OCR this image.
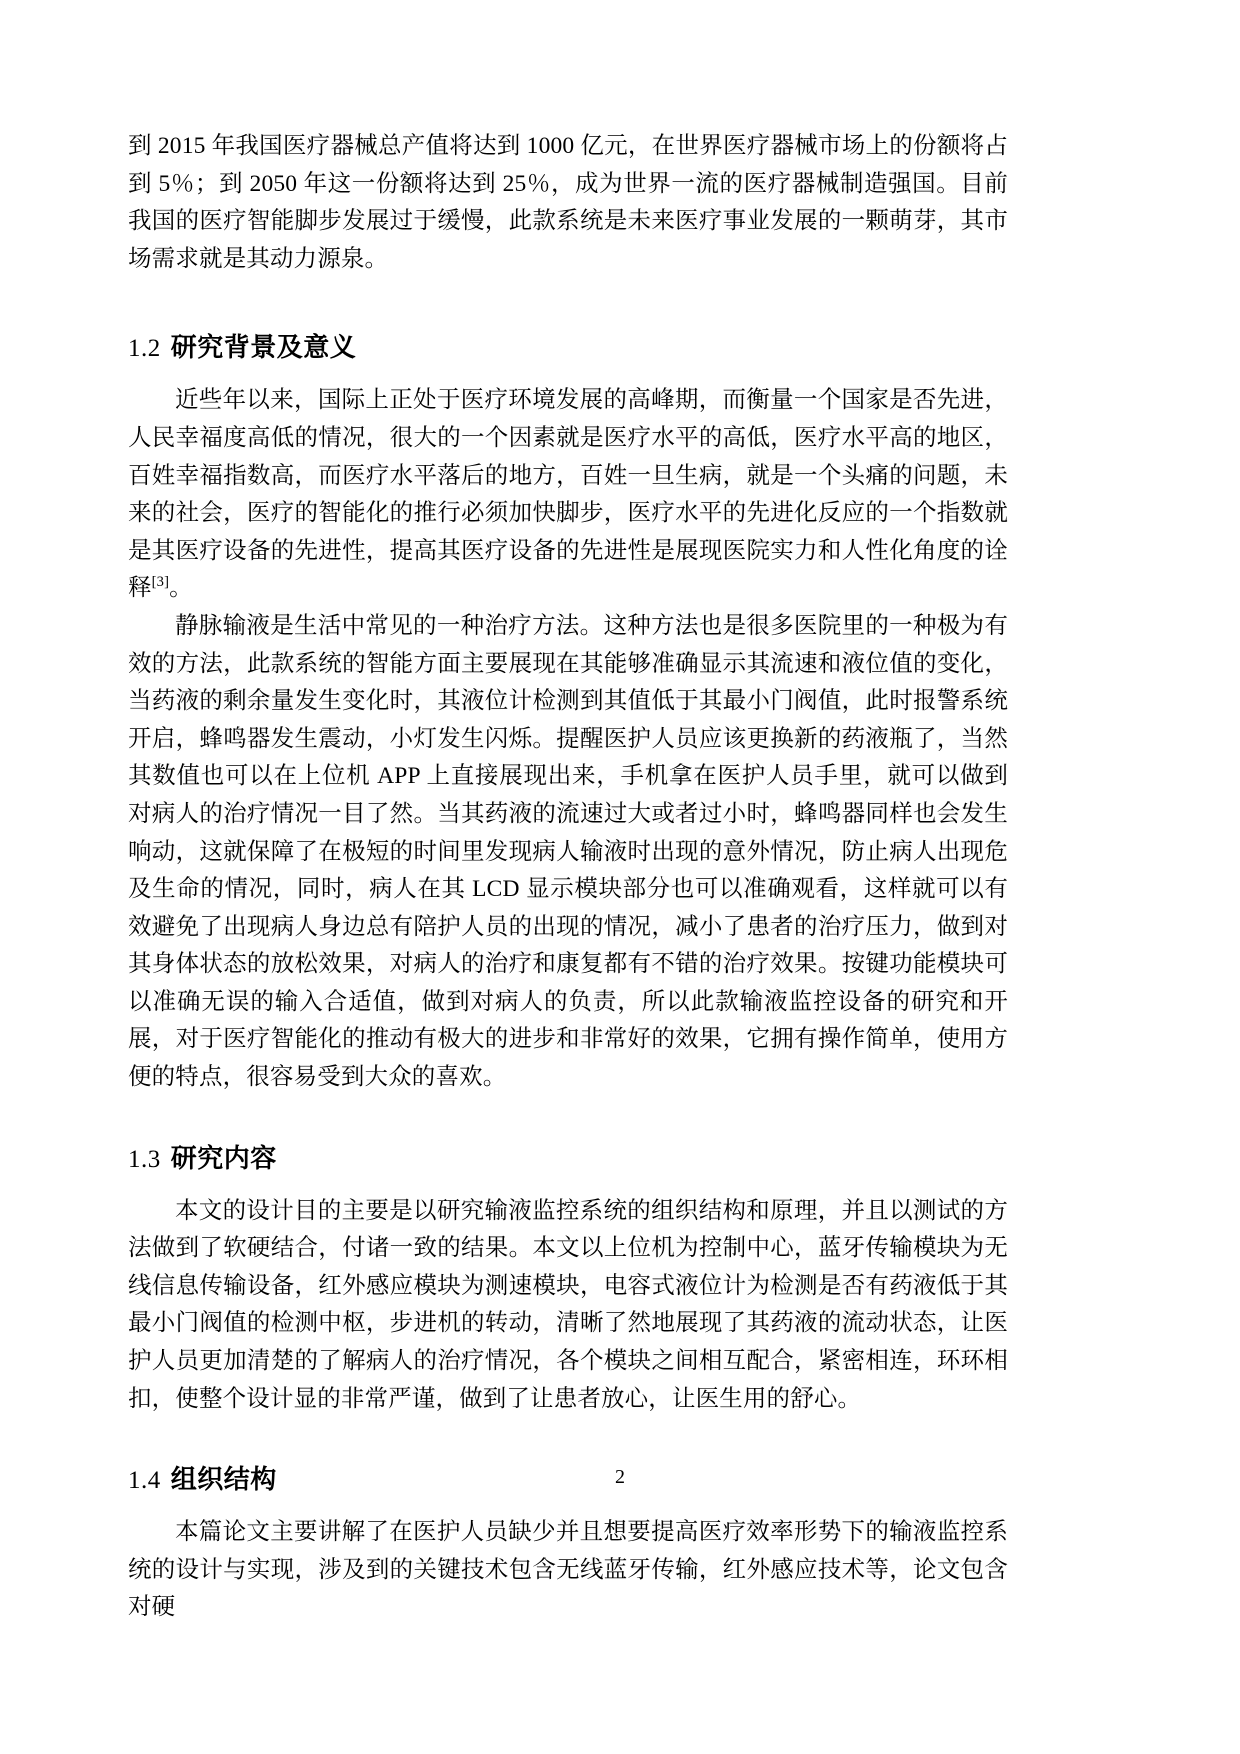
到 2015 年我国医疗器械总产值将达到 1000 亿元，在世界医疗器械市场上的份额将占到 5％；到 2050 年这一份额将达到 25％，成为世界一流的医疗器械制造强国。目前我国的医疗智能脚步发展过于缓慢，此款系统是未来医疗事业发展的一颗萌芽，其市场需求就是其动力源泉。

1.2 研究背景及意义

近些年以来，国际上正处于医疗环境发展的高峰期，而衡量一个国家是否先进，人民幸福度高低的情况，很大的一个因素就是医疗水平的高低，医疗水平高的地区，百姓幸福指数高，而医疗水平落后的地方，百姓一旦生病，就是一个头痛的问题，未来的社会，医疗的智能化的推行必须加快脚步，医疗水平的先进化反应的一个指数就是其医疗设备的先进性，提高其医疗设备的先进性是展现医院实力和人性化角度的诠释[3]。

静脉输液是生活中常见的一种治疗方法。这种方法也是很多医院里的一种极为有效的方法，此款系统的智能方面主要展现在其能够准确显示其流速和液位值的变化，当药液的剩余量发生变化时，其液位计检测到其值低于其最小门阀值，此时报警系统开启，蜂鸣器发生震动，小灯发生闪烁。提醒医护人员应该更换新的药液瓶了，当然其数值也可以在上位机 APP 上直接展现出来，手机拿在医护人员手里，就可以做到对病人的治疗情况一目了然。当其药液的流速过大或者过小时，蜂鸣器同样也会发生响动，这就保障了在极短的时间里发现病人输液时出现的意外情况，防止病人出现危及生命的情况，同时，病人在其 LCD 显示模块部分也可以准确观看，这样就可以有效避免了出现病人身边总有陪护人员的出现的情况，减小了患者的治疗压力，做到对其身体状态的放松效果，对病人的治疗和康复都有不错的治疗效果。按键功能模块可以准确无误的输入合适值，做到对病人的负责，所以此款输液监控设备的研究和开展，对于医疗智能化的推动有极大的进步和非常好的效果，它拥有操作简单，使用方便的特点，很容易受到大众的喜欢。

1.3 研究内容

本文的设计目的主要是以研究输液监控系统的组织结构和原理，并且以测试的方法做到了软硬结合，付诸一致的结果。本文以上位机为控制中心，蓝牙传输模块为无线信息传输设备，红外感应模块为测速模块，电容式液位计为检测是否有药液低于其最小门阀值的检测中枢，步进机的转动，清晰了然地展现了其药液的流动状态，让医护人员更加清楚的了解病人的治疗情况，各个模块之间相互配合，紧密相连，环环相扣，使整个设计显的非常严谨，做到了让患者放心，让医生用的舒心。

1.4 组织结构

本篇论文主要讲解了在医护人员缺少并且想要提高医疗效率形势下的输液监控系统的设计与实现，涉及到的关键技术包含无线蓝牙传输，红外感应技术等，论文包含对硬

2
